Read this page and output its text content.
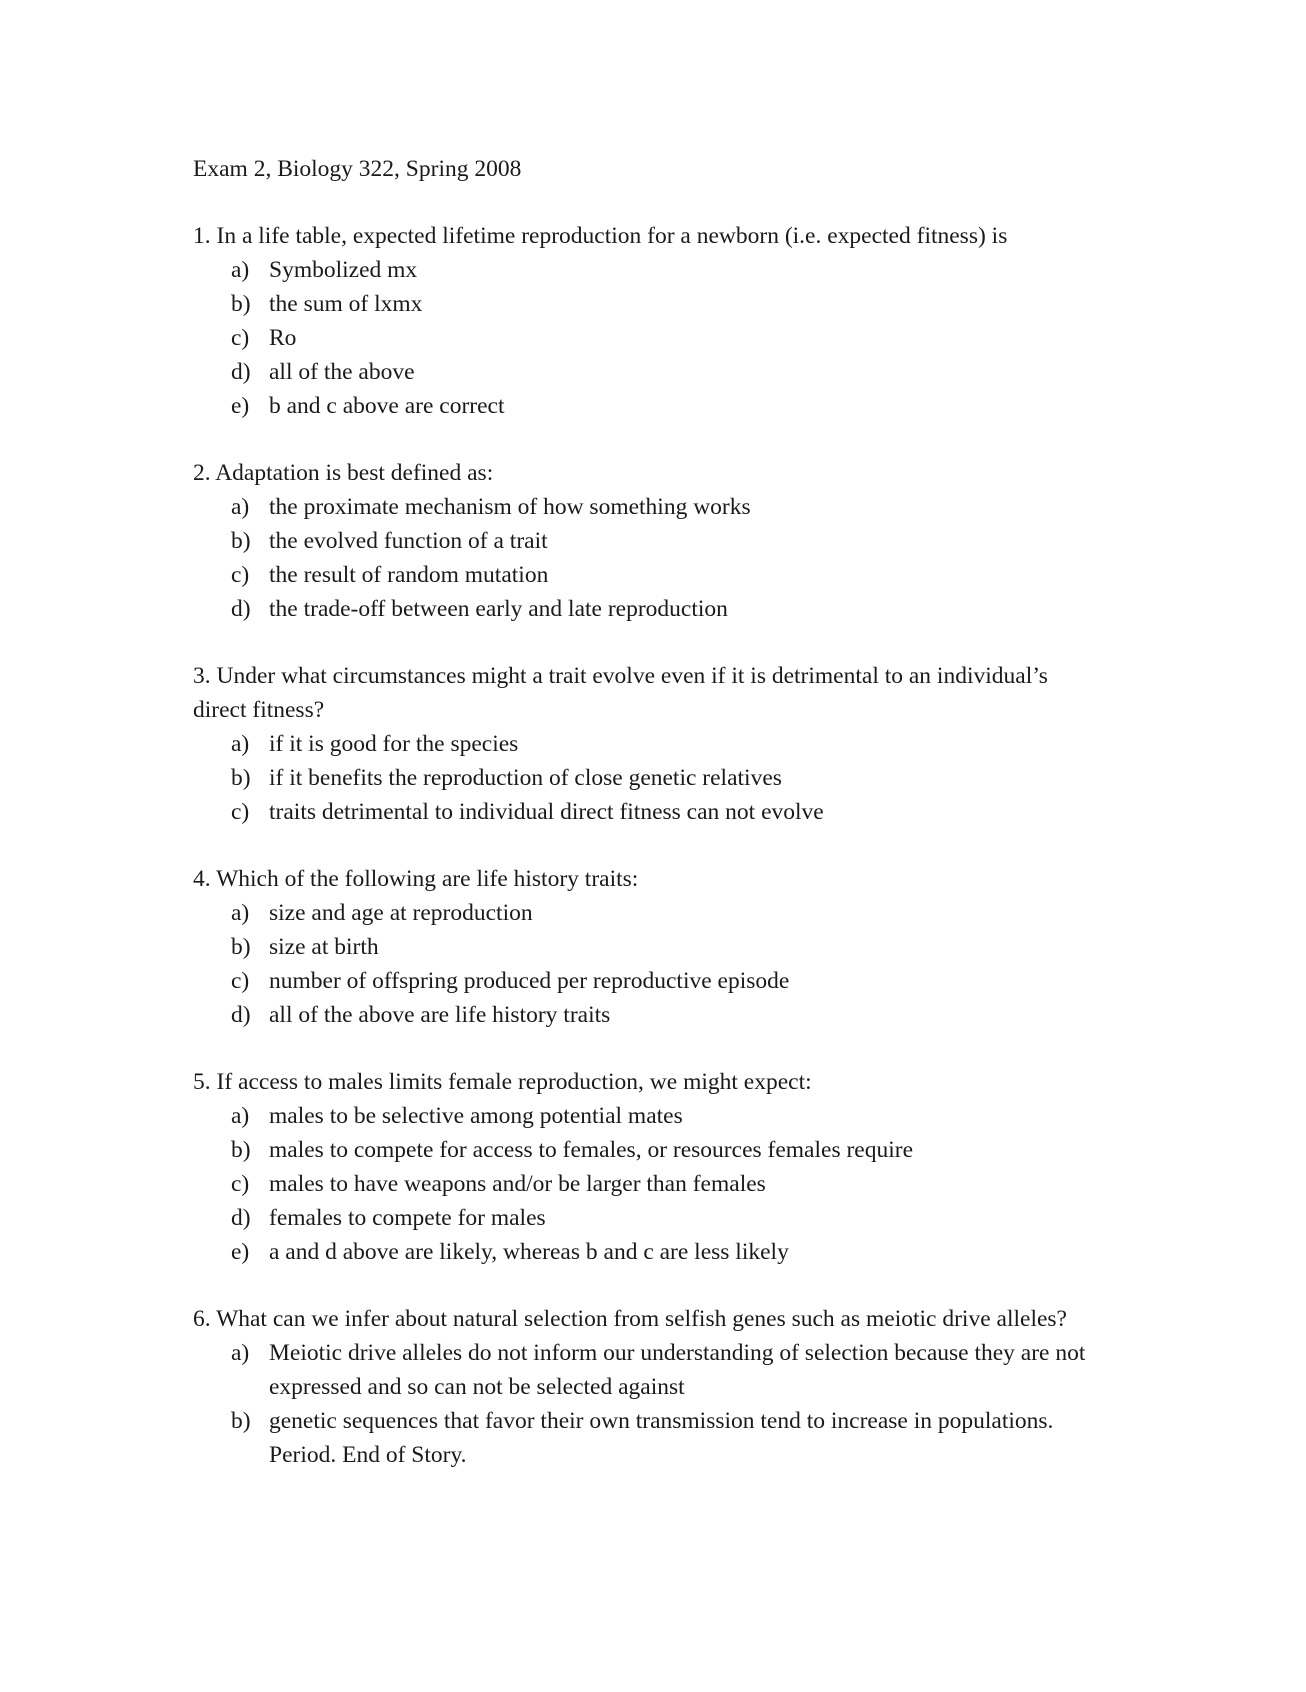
Exam 2, Biology 322, Spring 2008

1. In a life table, expected lifetime reproduction for a newborn (i.e. expected fitness) is

a) Symbolized mx
b) the sum of lxmx
c) Ro
d) all of the above
e) b and c above are correct

2. Adaptation is best defined as:

a) the proximate mechanism of how something works
b) the evolved function of a trait
c) the result of random mutation
d) the trade-off between early and late reproduction

3. Under what circumstances might a trait evolve even if it is detrimental to an individual’s direct fitness?

a) if it is good for the species
b) if it benefits the reproduction of close genetic relatives
c) traits detrimental to individual direct fitness can not evolve

4. Which of the following are life history traits:

a) size and age at reproduction
b) size at birth
c) number of offspring produced per reproductive episode
d) all of the above are life history traits

5. If access to males limits female reproduction, we might expect:

a) males to be selective among potential mates
b) males to compete for access to females, or resources females require
c) males to have weapons and/or be larger than females
d) females to compete for males
e) a and d above are likely, whereas b and c are less likely

6. What can we infer about natural selection from selfish genes such as meiotic drive alleles?

a) Meiotic drive alleles do not inform our understanding of selection because they are not expressed and so can not be selected against
b) genetic sequences that favor their own transmission tend to increase in populations. Period. End of Story.
